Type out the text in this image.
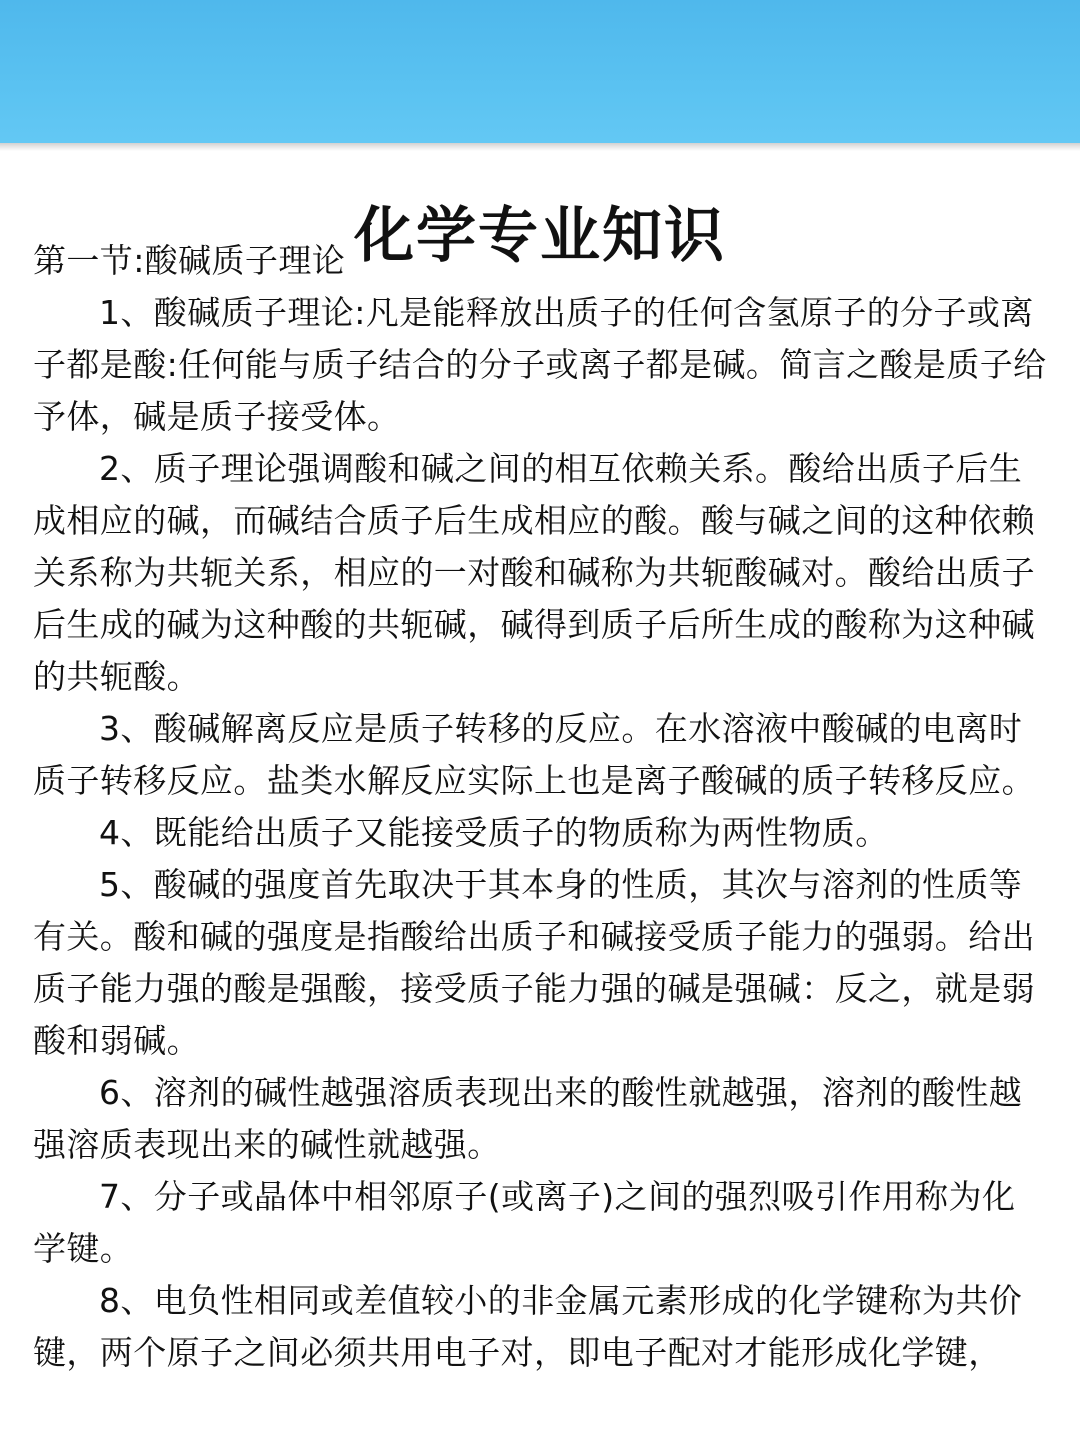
化学专业知识

第一节:酸碱质子理论

1、酸碱质子理论:凡是能释放出质子的任何含氢原子的分子或离子都是酸:任何能与质子结合的分子或离子都是碱。简言之酸是质子给予体，碱是质子接受体。

2、质子理论强调酸和碱之间的相互依赖关系。酸给出质子后生成相应的碱，而碱结合质子后生成相应的酸。酸与碱之间的这种依赖关系称为共轭关系，相应的一对酸和碱称为共轭酸碱对。酸给出质子后生成的碱为这种酸的共轭碱，碱得到质子后所生成的酸称为这种碱的共轭酸。

3、酸碱解离反应是质子转移的反应。在水溶液中酸碱的电离时质子转移反应。盐类水解反应实际上也是离子酸碱的质子转移反应。

4、既能给出质子又能接受质子的物质称为两性物质。

5、酸碱的强度首先取决于其本身的性质，其次与溶剂的性质等有关。酸和碱的强度是指酸给出质子和碱接受质子能力的强弱。给出质子能力强的酸是强酸，接受质子能力强的碱是强碱：反之，就是弱酸和弱碱。

6、溶剂的碱性越强溶质表现出来的酸性就越强，溶剂的酸性越强溶质表现出来的碱性就越强。

7、分子或晶体中相邻原子(或离子)之间的强烈吸引作用称为化学键。

8、电负性相同或差值较小的非金属元素形成的化学键称为共价键，两个原子之间必须共用电子对，即电子配对才能形成化学键，
